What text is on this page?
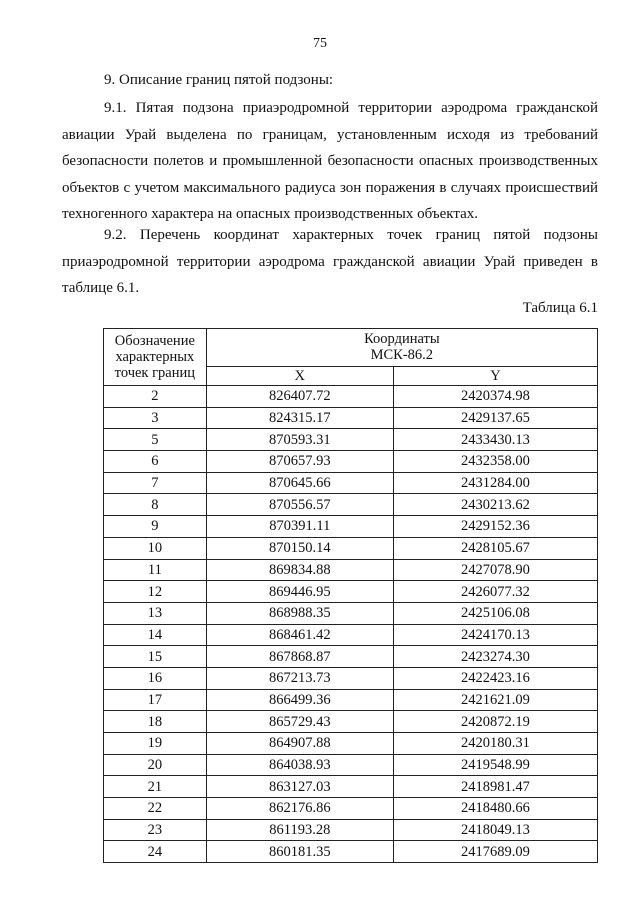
75
9. Описание границ пятой подзоны:

9.1. Пятая подзона приаэродромной территории аэродрома гражданской авиации Урай выделена по границам, установленным исходя из требований безопасности полетов и промышленной безопасности опасных производственных объектов с учетом максимального радиуса зон поражения в случаях происшествий техногенного характера на опасных производственных объектах.

9.2. Перечень координат характерных точек границ пятой подзоны приаэродромной территории аэродрома гражданской авиации Урай приведен в таблице 6.1.

Таблица 6.1
Обозначение характерных точек границ	Координаты
МСК-86.2	

	X	Y
2	826407.72	2420374.98
3	824315.17	2429137.65
5	870593.31	2433430.13
6	870657.93	2432358.00
7	870645.66	2431284.00
8	870556.57	2430213.62
9	870391.11	2429152.36
10	870150.14	2428105.67
11	869834.88	2427078.90
12	869446.95	2426077.32
13	868988.35	2425106.08
14	868461.42	2424170.13
15	867868.87	2423274.30
16	867213.73	2422423.16
17	866499.36	2421621.09
18	865729.43	2420872.19
19	864907.88	2420180.31
20	864038.93	2419548.99
21	863127.03	2418981.47
22	862176.86	2418480.66
23	861193.28	2418049.13
24	860181.35	2417689.09
